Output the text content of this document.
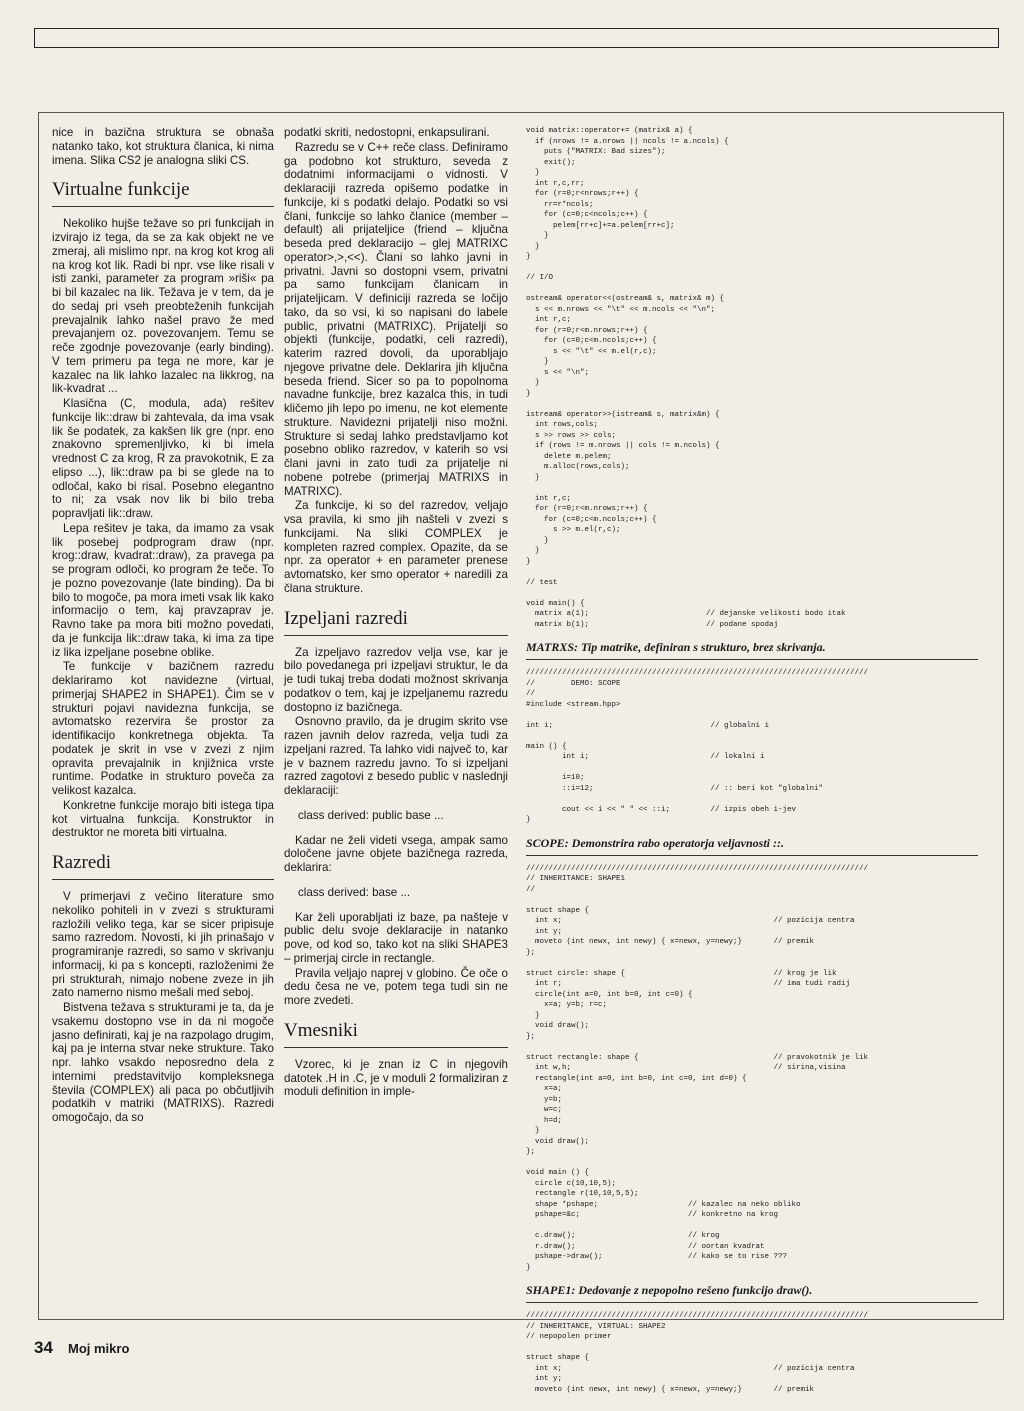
nice in bazična struktura se obnaša natanko tako, kot struktura članica, ki nima imena. Slika CS2 je analogna sliki CS.

Virtualne funkcije

Nekoliko hujše težave so pri funkcijah in izvirajo iz tega, da se za kak objekt ne ve zmeraj, ali mislimo npr. na krog kot krog ali na krog kot lik. Radi bi npr. vse like risali v isti zanki, parameter za program »riši« pa bi bil kazalec na lik. Težava je v tem, da je do sedaj pri vseh preobteženih funkcijah prevajalnik lahko našel pravo že med prevajanjem oz. povezovanjem. Temu se reče zgodnje povezovanje (early binding). V tem primeru pa tega ne more, kar je kazalec na lik lahko lazalec na likkrog, na lik-kvadrat ...

Klasična (C, modula, ada) rešitev funkcije lik::draw bi zahtevala, da ima vsak lik še podatek, za kakšen lik gre (npr. eno znakovno spremenljivko, ki bi imela vrednost C za krog, R za pravokotnik, E za elipso ...), lik::draw pa bi se glede na to odločal, kako bi risal. Posebno elegantno to ni; za vsak nov lik bi bilo treba popravljati lik::draw.

Lepa rešitev je taka, da imamo za vsak lik posebej podprogram draw (npr. krog::draw, kvadrat::draw), za pravega pa se program odloči, ko program že teče. To je pozno povezovanje (late binding). Da bi bilo to mogoče, pa mora imeti vsak lik kako informacijo o tem, kaj pravzaprav je. Ravno take pa mora biti možno povedati, da je funkcija lik::draw taka, ki ima za tipe iz lika izpeljane posebne oblike.

Te funkcije v bazičnem razredu deklariramo kot navidezne (virtual, primerjaj SHAPE2 in SHAPE1). Čim se v strukturi pojavi navidezna funkcija, se avtomatsko rezervira še prostor za identifikacijo konkretnega objekta. Ta podatek je skrit in vse v zvezi z njim opravita prevajalnik in knjižnica vrste runtime. Podatke in strukturo poveča za velikost kazalca.

Konkretne funkcije morajo biti istega tipa kot virtualna funkcija. Konstruktor in destruktor ne moreta biti virtualna.

Razredi

V primerjavi z večino literature smo nekoliko pohiteli in v zvezi s strukturami razložili veliko tega, kar se sicer pripisuje samo razredom. Novosti, ki jih prinašajo v programiranje razredi, so samo v skrivanju informacij, ki pa s koncepti, razloženimi že pri strukturah, nimajo nobene zveze in jih zato namerno nismo mešali med seboj.

Bistvena težava s strukturami je ta, da je vsakemu dostopno vse in da ni mogoče jasno definirati, kaj je na razpolago drugim, kaj pa je interna stvar neke strukture. Tako npr. lahko vsakdo neposredno dela z internimi predstavitvijo kompleksnega števila (COMPLEX) ali paca po občutljivih podatkih v matriki (MATRIXS). Razredi omogočajo, da so

podatki skriti, nedostopni, enkapsulirani.

Razredu se v C++ reče class. Definiramo ga podobno kot strukturo, seveda z dodatnimi informacijami o vidnosti. V deklaraciji razreda opišemo podatke in funkcije, ki s podatki delajo. Podatki so vsi člani, funkcije so lahko članice (member – default) ali prijateljice (friend – ključna beseda pred deklaracijo – glej MATRIXC operator>,>,<<). Člani so lahko javni in privatni. Javni so dostopni vsem, privatni pa samo funkcijam članicam in prijateljicam. V definiciji razreda se ločijo tako, da so vsi, ki so napisani do labele public, privatni (MATRIXC). Prijatelji so objekti (funkcije, podatki, celi razredi), katerim razred dovoli, da uporabljajo njegove privatne dele. Deklarira jih ključna beseda friend. Sicer so pa to popolnoma navadne funkcije, brez kazalca this, in tudi kličemo jih lepo po imenu, ne kot elemente strukture. Navidezni prijatelji niso možni. Strukture si sedaj lahko predstavljamo kot posebno obliko razredov, v katerih so vsi člani javni in zato tudi za prijatelje ni nobene potrebe (primerjaj MATRIXS in MATRIXC).

Za funkcije, ki so del razredov, veljajo vsa pravila, ki smo jih našteli v zvezi s funkcijami. Na sliki COMPLEX je kompleten razred complex. Opazite, da se npr. za operator + en parameter prenese avtomatsko, ker smo operator + naredili za člana strukture.

Izpeljani razredi

Za izpeljavo razredov velja vse, kar je bilo povedanega pri izpeljavi struktur, le da je tudi tukaj treba dodati možnost skrivanja podatkov o tem, kaj je izpeljanemu razredu dostopno iz bazičnega.

Osnovno pravilo, da je drugim skrito vse razen javnih delov razreda, velja tudi za izpeljani razred. Ta lahko vidi največ to, kar je v baznem razredu javno. To si izpeljani razred zagotovi z besedo public v naslednji deklaraciji:

class derived: public base ...

Kadar ne želi videti vsega, ampak samo določene javne objete bazičnega razreda, deklarira:

class derived: base ...

Kar želi uporabljati iz baze, pa našteje v public delu svoje deklaracije in natanko pove, od kod so, tako kot na sliki SHAPE3 – primerjaj circle in rectangle.

Pravila veljajo naprej v globino. Če oče o dedu česa ne ve, potem tega tudi sin ne more zvedeti.

Vmesniki

Vzorec, ki je znan iz C in njegovih datotek .H in .C, je v moduli 2 formaliziran z moduli definition in imple-

void matrix::operator+= (matrix& a) {
if (nrows != a.nrows || ncols != a.ncols) {
puts ("MATRIX: Bad sizes");
exit();
}
int r,c,rr;
for (r=0;r<nrows;r++) {
rr=r*ncols;
for (c=0;c<ncols;c++) {
pelem[rr+c]+=a.pelem[rr+c];
}
}
}
// I/O
ostream& operator<<(ostream& s, matrix& m) {
s << m.nrows << "\t" << m.ncols << "\n";
int r,c;
for (r=0;r<m.nrows;r++) {
for (c=0;c<m.ncols;c++) {
s << "\t" << m.el(r,c);
}
s << "\n";
}
}
istream& operator>>(istream& s, matrix&m) {
int rows,cols;
s >> rows >> cols;
if (rows != m.nrows || cols != m.ncols) {
delete m.pelem;
m.alloc(rows,cols);
}
int r,c;
for (r=0;r<m.nrows;r++) {
for (c=0;c<m.ncols;c++) {
s >> m.el(r,c);
}
}
}
// test
void main() {
matrix a(1);                          // dejanske velikosti bodo itak
matrix b(1);                          // podane spodaj
MATRXS: Tip matrike, definiran s strukturo, brez skrivanja.
////////////////////////////////////////////////////////////////////////////
//        DEMO: SCOPE
//
#include <stream.hpp>
int i;                                   // globalni i
main () {
int i;                           // lokalni i
i=10;
::i=12;                          // :: beri kot "globalni"
cout << i << " " << ::i;         // izpis obeh i-jev
}
SCOPE: Demonstrira rabo operatorja veljavnosti ::.
////////////////////////////////////////////////////////////////////////////
// INHERITANCE: SHAPE1
//
struct shape {
int x;                                               // pozicija centra
int y;
moveto (int newx, int newy) { x=newx, y=newy;}       // premik
};
struct circle: shape {                                 // krog je lik
int r;                                               // ima tudi radij
circle(int a=0, int b=0, int c=0) {
x=a; y=b; r=c;
}
void draw();
};
struct rectangle: shape {                              // pravokotnik je lik
int w,h;                                             // sirina,visina
rectangle(int a=0, int b=0, int c=0, int d=0) {
x=a;
y=b;
w=c;
h=d;
}
void draw();
};
void main () {
circle c(10,10,5);
rectangle r(10,10,5,5);
shape *pshape;                    // kazalec na neko obliko
pshape=&c;                        // konkretno na krog
c.draw();                         // krog
r.draw();                         // oortan kvadrat
pshape->draw();                   // kako se to rise ???
}
SHAPE1: Dedovanje z nepopolno rešeno funkcijo draw().
////////////////////////////////////////////////////////////////////////////
// INHERITANCE, VIRTUAL: SHAPE2
// nepopolen primer
struct shape {
int x;                                               // pozicija centra
int y;
moveto (int newx, int newy) { x=newx, y=newy;}       // premik
34 Moj mikro
